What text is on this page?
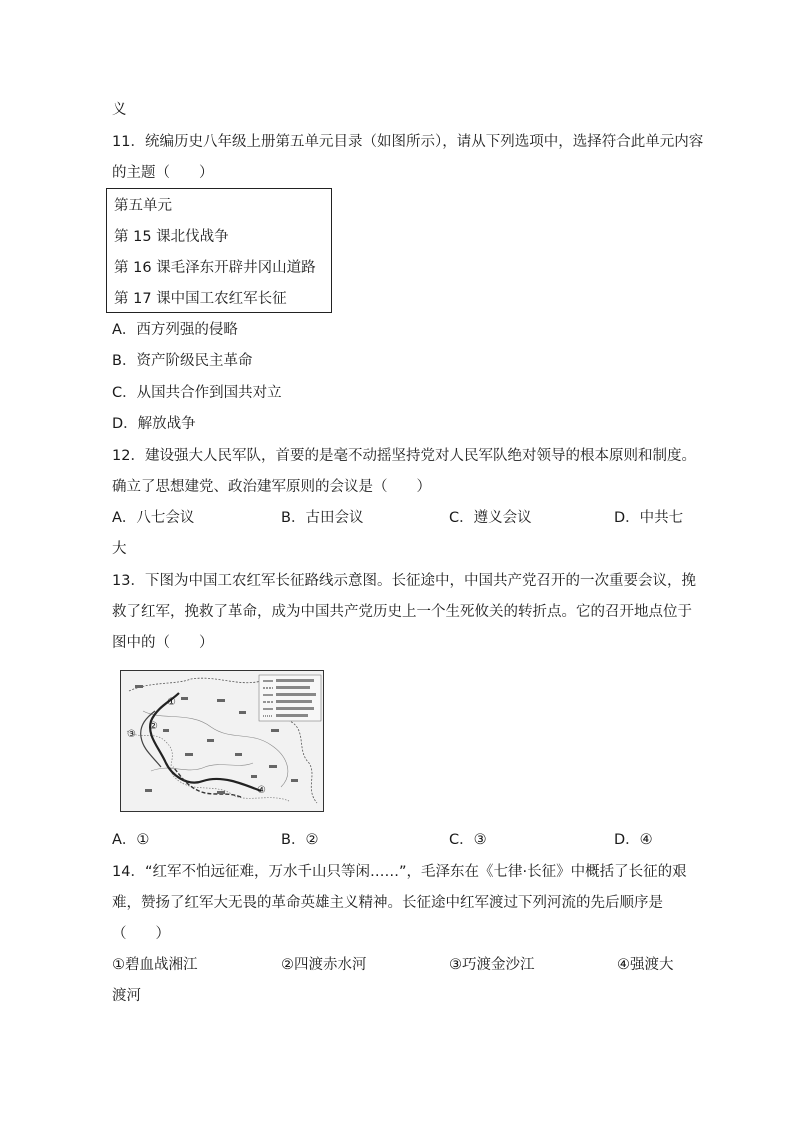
义
11．统编历史八年级上册第五单元目录（如图所示），请从下列选项中，选择符合此单元内容
的主题（　　）
第五单元
第 15 课北伐战争
第 16 课毛泽东开辟井冈山道路
第 17 课中国工农红军长征
A．西方列强的侵略
B．资产阶级民主革命
C．从国共合作到国共对立
D．解放战争
12．建设强大人民军队，首要的是毫不动摇坚持党对人民军队绝对领导的根本原则和制度。
确立了思想建党、政治建军原则的会议是（　　）
A．八七会议	B．古田会议	C．遵义会议	D．中共七
大
13．下图为中国工农红军长征路线示意图。长征途中，中国共产党召开的一次重要会议，挽
救了红军，挽救了革命，成为中国共产党历史上一个生死攸关的转折点。它的召开地点位于
图中的（　　）
①
②
③
④
A．①	B．②	C．③	D．④
14．“红军不怕远征难，万水千山只等闲……”，毛泽东在《七律·长征》中概括了长征的艰
难，赞扬了红军大无畏的革命英雄主义精神。长征途中红军渡过下列河流的先后顺序是
（　　）
①碧血战湘江	②四渡赤水河	③巧渡金沙江	④强渡大
渡河
